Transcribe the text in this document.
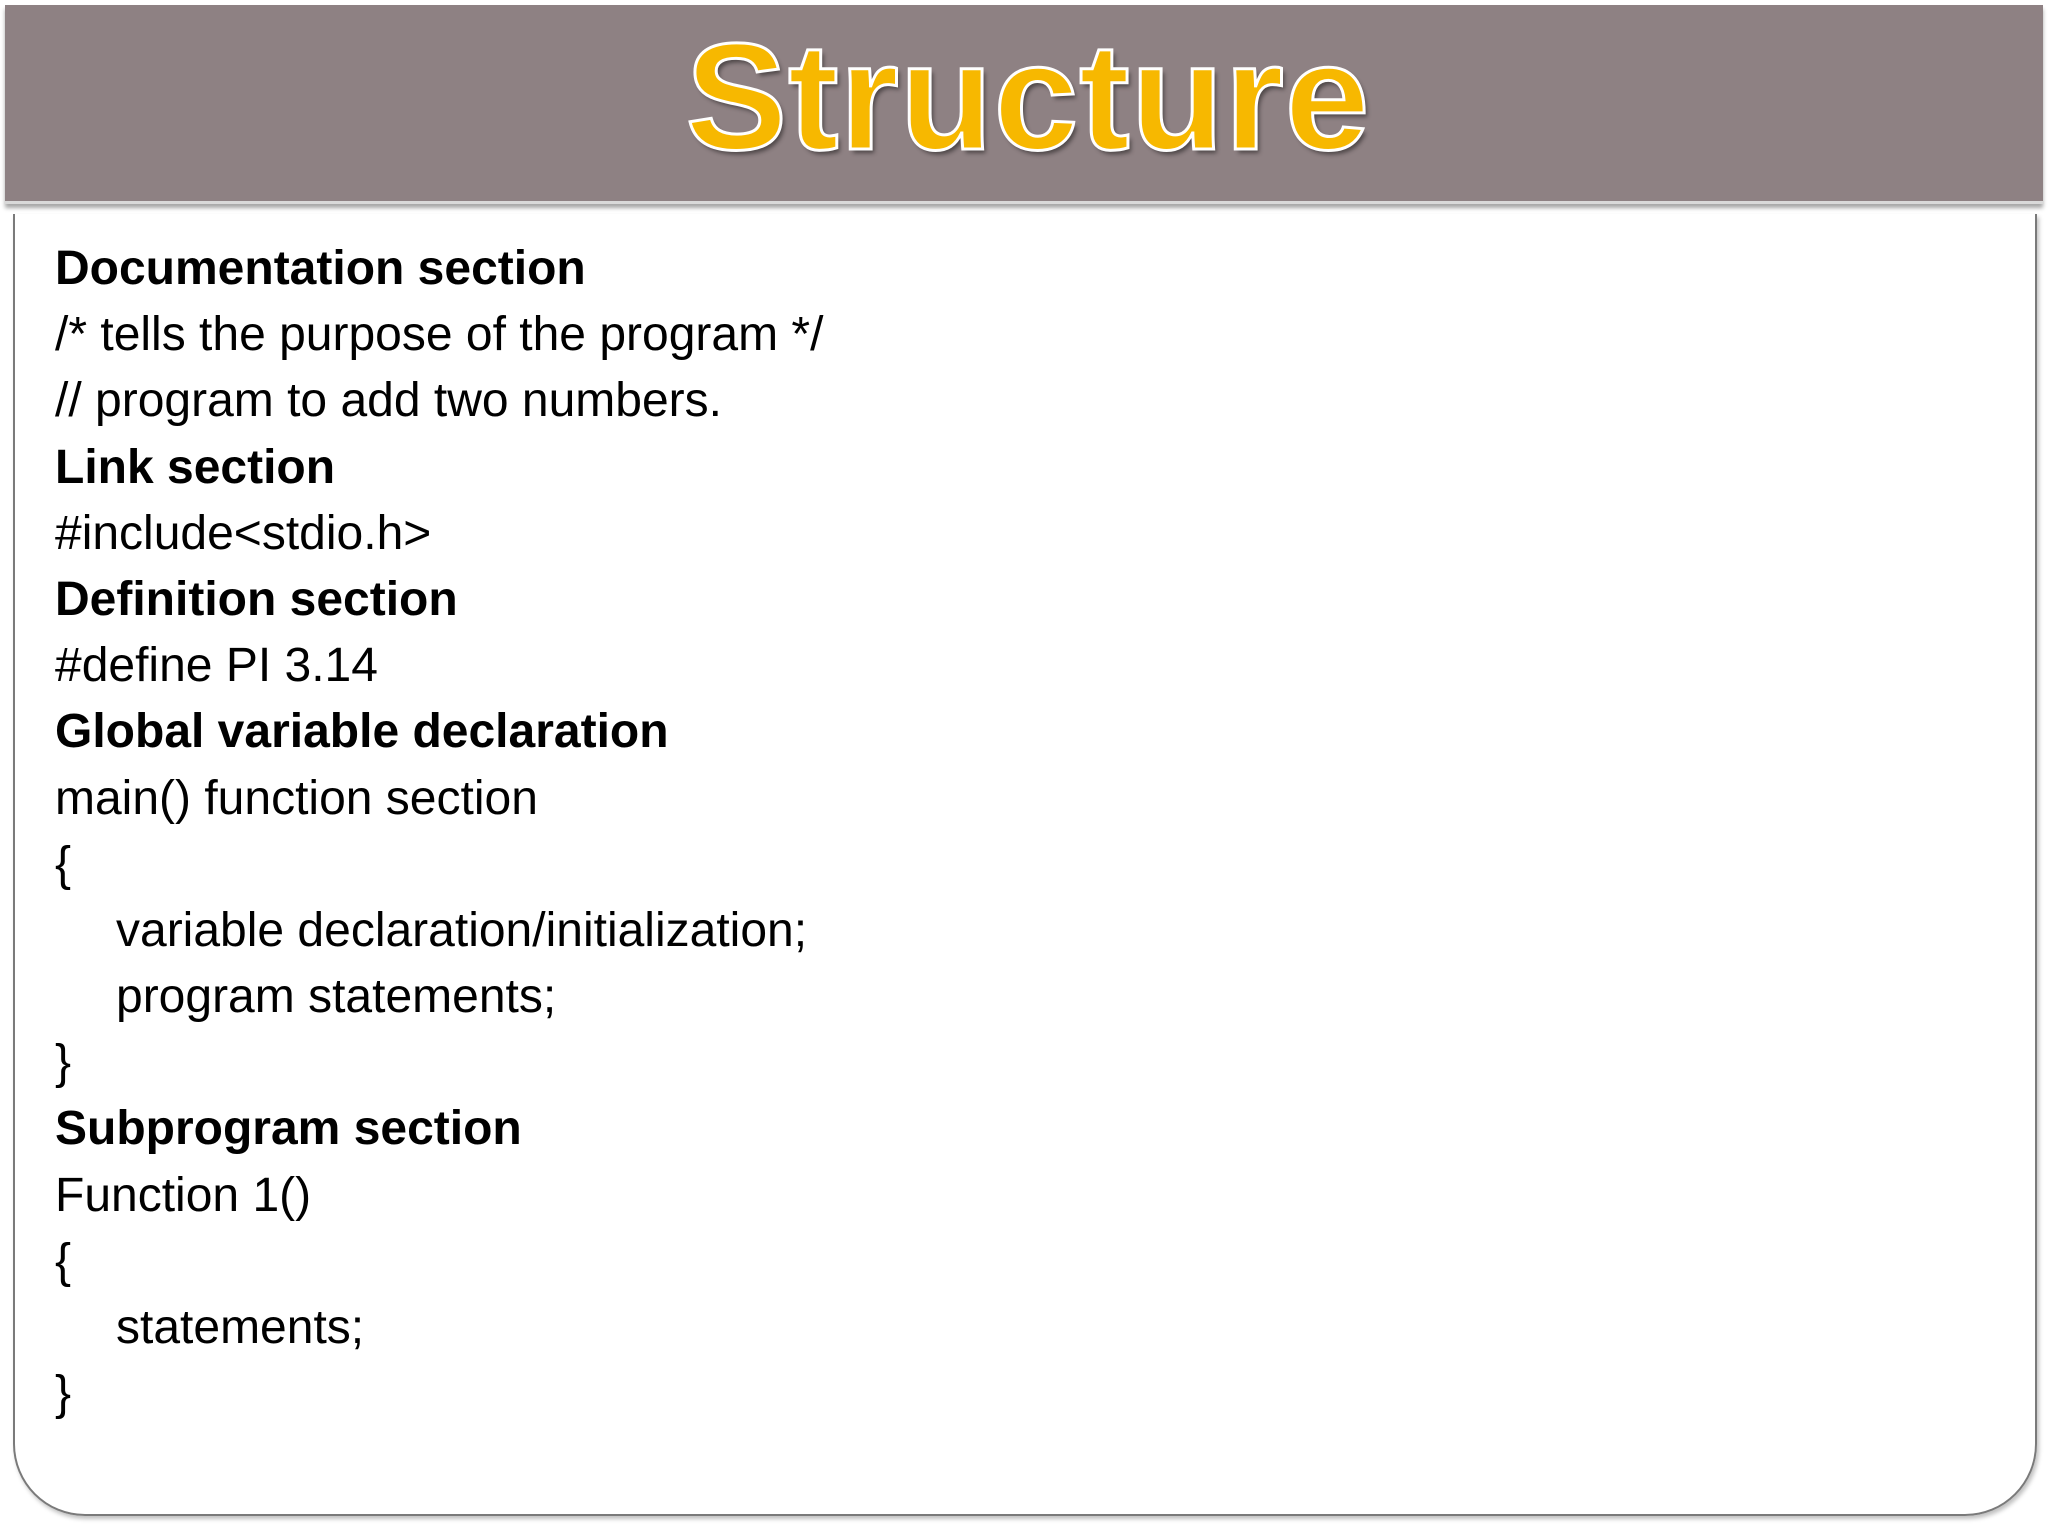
Structure
Documentation section
/* tells the purpose of the program */
// program to add two numbers.
Link section
#include<stdio.h>
Definition section
#define PI 3.14
Global variable declaration
main() function section
{
variable declaration/initialization;
program statements;
}
Subprogram section
Function 1()
{
statements;
}
